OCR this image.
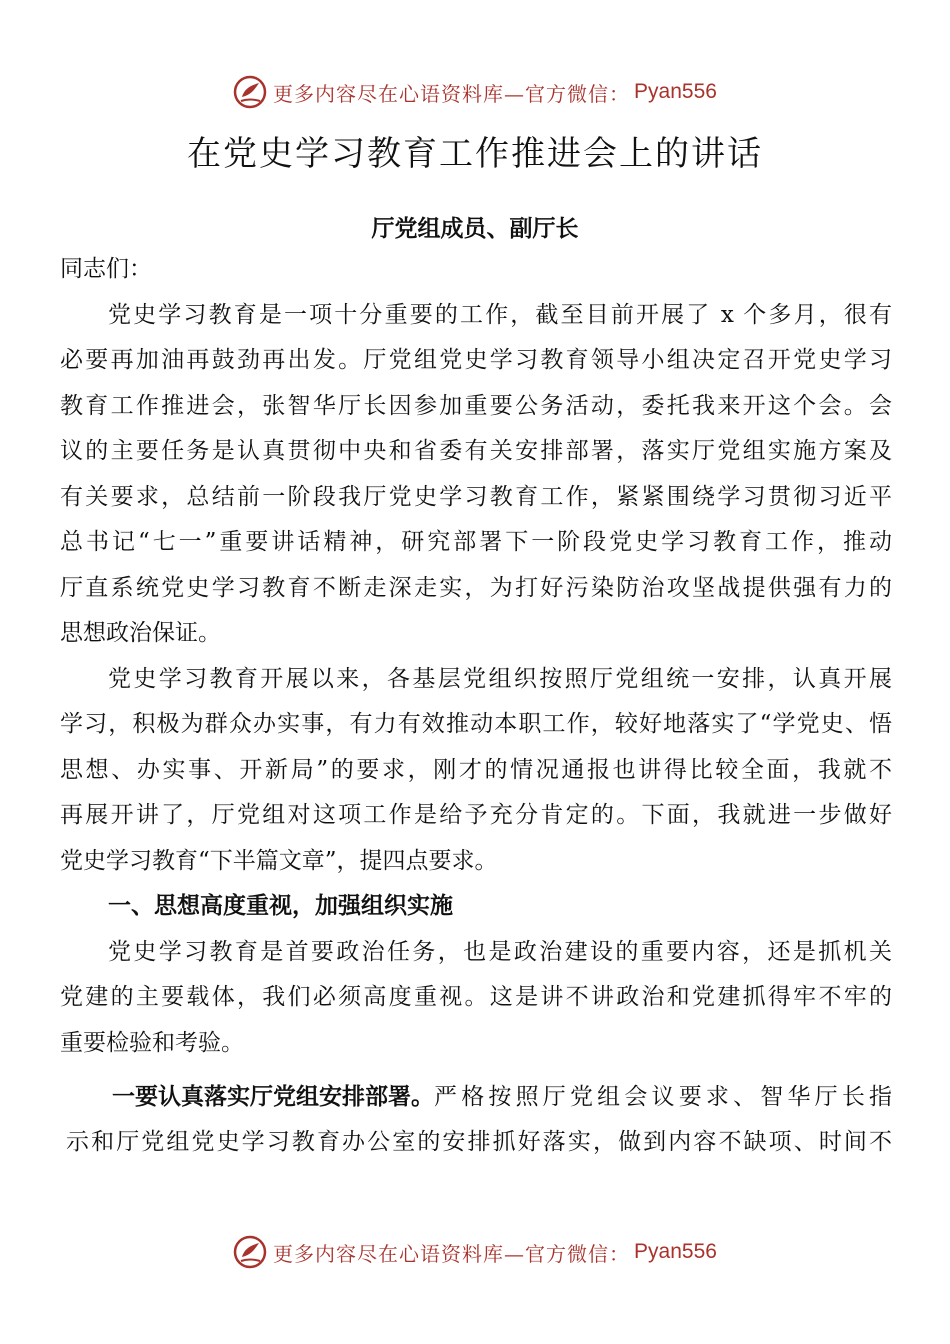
更多内容尽在心语资料库—官方微信： Pyan556
在党史学习教育工作推进会上的讲话
厅党组成员、副厅长
同志们：
党史学习教育是一项十分重要的工作，截至目前开展了 x 个多月，很有
必要再加油再鼓劲再出发。厅党组党史学习教育领导小组决定召开党史学习
教育工作推进会，张智华厅长因参加重要公务活动，委托我来开这个会。会
议的主要任务是认真贯彻中央和省委有关安排部署，落实厅党组实施方案及
有关要求，总结前一阶段我厅党史学习教育工作，紧紧围绕学习贯彻习近平
总书记“七一”重要讲话精神，研究部署下一阶段党史学习教育工作，推动
厅直系统党史学习教育不断走深走实，为打好污染防治攻坚战提供强有力的
思想政治保证。
党史学习教育开展以来，各基层党组织按照厅党组统一安排，认真开展
学习，积极为群众办实事，有力有效推动本职工作，较好地落实了“学党史、悟
思想、办实事、开新局”的要求，刚才的情况通报也讲得比较全面，我就不
再展开讲了，厅党组对这项工作是给予充分肯定的。下面，我就进一步做好
党史学习教育“下半篇文章”，提四点要求。
一、思想高度重视，加强组织实施
党史学习教育是首要政治任务，也是政治建设的重要内容，还是抓机关
党建的主要载体，我们必须高度重视。这是讲不讲政治和党建抓得牢不牢的
重要检验和考验。
一要认真落实厅党组安排部署。 严格按照厅党组会议要求、智华厅长指
示和厅党组党史学习教育办公室的安排抓好落实，做到内容不缺项、时间不
更多内容尽在心语资料库—官方微信： Pyan556
